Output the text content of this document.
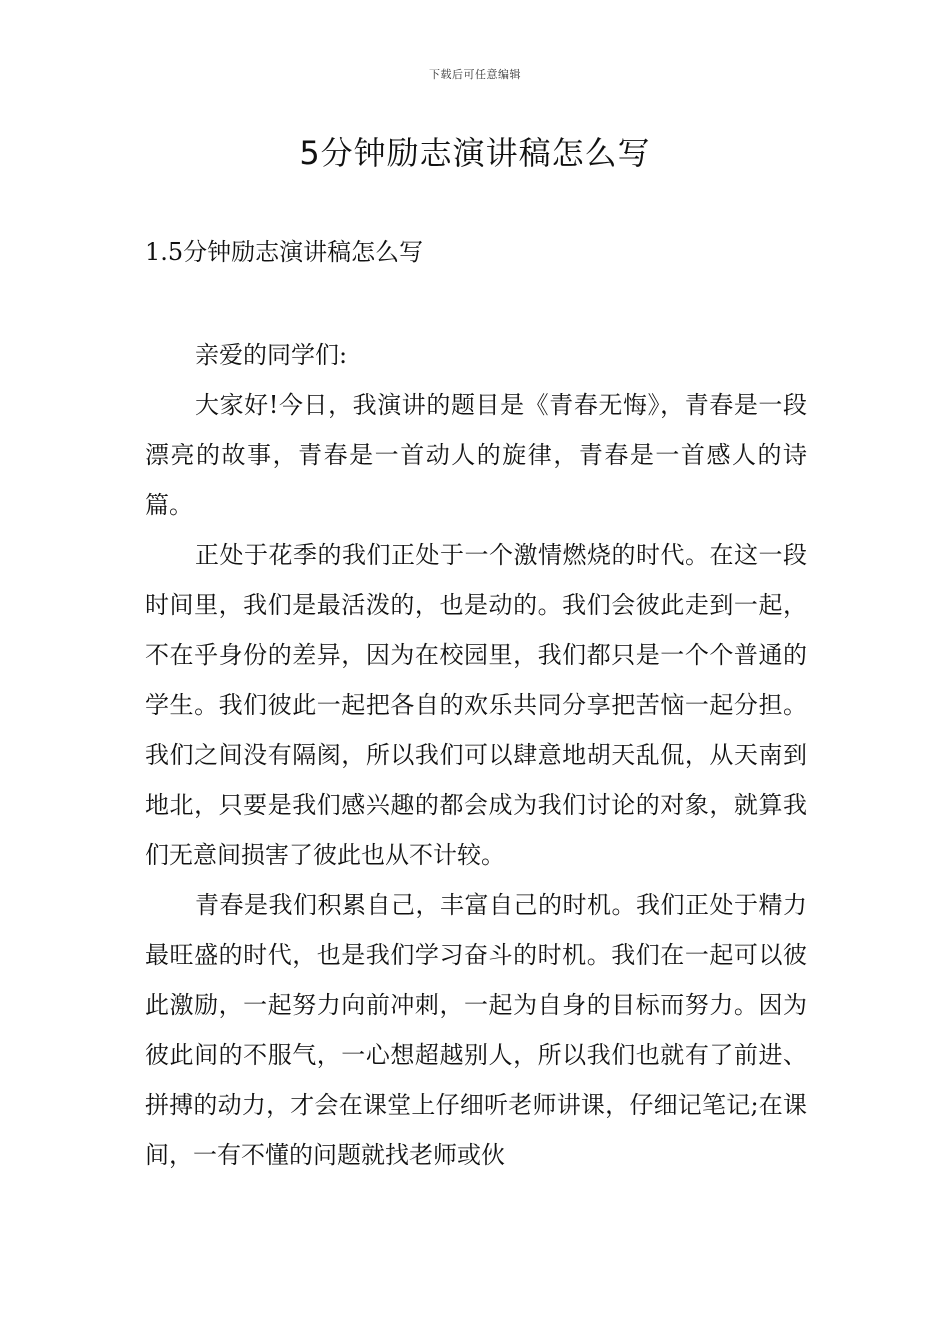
下载后可任意编辑
5分钟励志演讲稿怎么写
1.5分钟励志演讲稿怎么写

亲爱的同学们:

大家好!今日，我演讲的题目是《青春无悔》，青春是一段漂亮的故事，青春是一首动人的旋律，青春是一首感人的诗篇。

正处于花季的我们正处于一个激情燃烧的时代。在这一段时间里，我们是最活泼的，也是动的。我们会彼此走到一起，不在乎身份的差异，因为在校园里，我们都只是一个个普通的学生。我们彼此一起把各自的欢乐共同分享把苦恼一起分担。我们之间没有隔阂，所以我们可以肆意地胡天乱侃，从天南到地北，只要是我们感兴趣的都会成为我们讨论的对象，就算我们无意间损害了彼此也从不计较。

青春是我们积累自己，丰富自己的时机。我们正处于精力最旺盛的时代，也是我们学习奋斗的时机。我们在一起可以彼此激励，一起努力向前冲刺，一起为自身的目标而努力。因为彼此间的不服气，一心想超越别人，所以我们也就有了前进、拼搏的动力，才会在课堂上仔细听老师讲课，仔细记笔记;在课间，一有不懂的问题就找老师或伙
